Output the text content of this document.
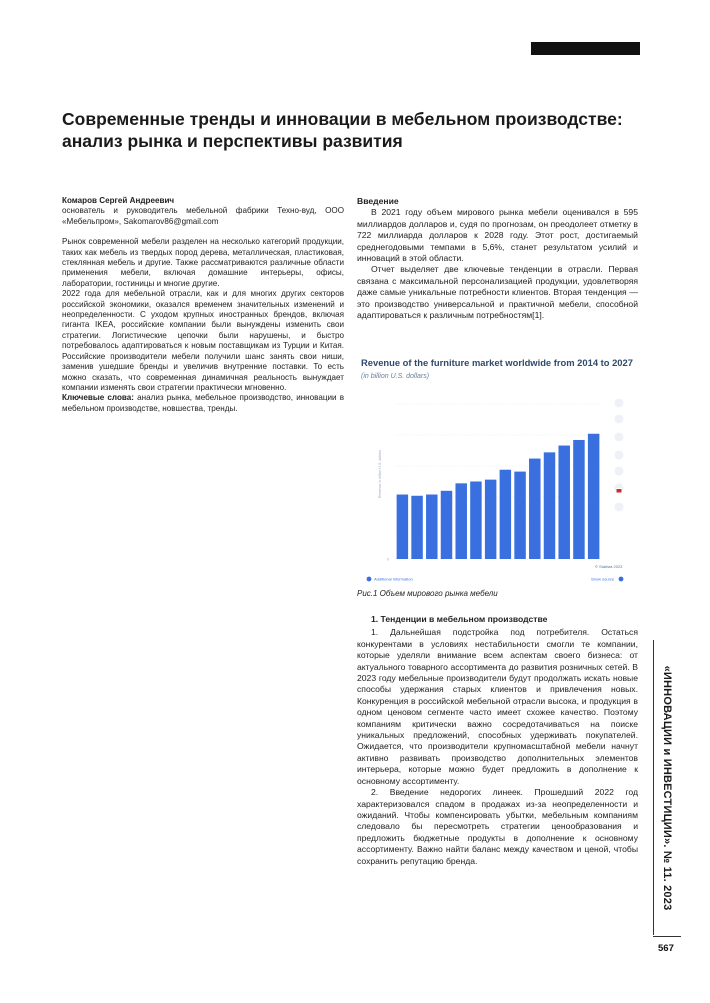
Современные тренды и инновации в мебельном производстве:
анализ рынка и перспективы развития

Комаров Сергей Андреевич

основатель и руководитель мебельной фабрики Техно-вуд, ООО «Мебельпром», Sakomarov86@gmail.com

Рынок современной мебели разделен на несколько категорий продукции, таких как мебель из твердых пород дерева, металлическая, пластиковая, стеклянная мебель и другие. Также рассматриваются различные области применения мебели, включая домашние интерьеры, офисы, лаборатории, гостиницы и многие другие.

2022 года для мебельной отрасли, как и для многих других секторов российской экономики, оказался временем значительных изменений и неопределенности. С уходом крупных иностранных брендов, включая гиганта IKEA, российские компании были вынуждены изменить свои стратегии. Логистические цепочки были нарушены, и быстро потребовалось адаптироваться к новым поставщикам из Турции и Китая. Российские производители мебели получили шанс занять свои ниши, заменив ушедшие бренды и увеличив внутренние поставки. То есть можно сказать, что современная динамичная реальность вынуждает компании изменять свои стратегии практически мгновенно.

Ключевые слова: анализ рынка, мебельное производство, инновации в мебельном производстве, новшества, тренды.

Введение

В 2021 году объем мирового рынка мебели оценивался в 595 миллиардов долларов и, судя по прогнозам, он преодолеет отметку в 722 миллиарда долларов к 2028 году. Этот рост, достигаемый среднегодовыми темпами в 5,6%, станет результатом усилий и инноваций в этой области.

Отчет выделяет две ключевые тенденции в отрасли. Первая связана с максимальной персонализацией продукции, удовлетворяя даже самые уникальные потребности клиентов. Вторая тенденция — это производство универсальной и практичной мебели, способной адаптироваться к различным потребностям[1].

0
Revenue in billion U.S. dollars
© Statista 2023
Additional Information	Show source
Revenue of the furniture market worldwide from 2014 to 2027
(in billion U.S. dollars)
Рис.1 Объем мирового рынка мебели

1. Тенденции в мебельном производстве

1. Дальнейшая подстройка под потребителя. Остаться конкурентами в условиях нестабильности смогли те компании, которые уделяли внимание всем аспектам своего бизнеса: от актуального товарного ассортимента до развития розничных сетей. В 2023 году мебельные производители будут продолжать искать новые способы удержания старых клиентов и привлечения новых. Конкуренция в российской мебельной отрасли высока, и продукция в одном ценовом сегменте часто имеет схожее качество. Поэтому компаниям критически важно сосредотачиваться на поиске уникальных предложений, способных удерживать покупателей. Ожидается, что производители крупномасштабной мебели начнут активно развивать производство дополнительных элементов интерьера, которые можно будет предложить в дополнение к основному ассортименту.

2. Введение недорогих линеек. Прошедший 2022 год характеризовался спадом в продажах из-за неопределенности и ожиданий. Чтобы компенсировать убытки, мебельным компаниям следовало бы пересмотреть стратегии ценообразования и предложить бюджетные продукты в дополнение к основному ассортименту. Важно найти баланс между качеством и ценой, чтобы сохранить репутацию бренда.	«ИННОВАЦИИ и ИНВЕСТИЦИИ». № 11. 2023
567
